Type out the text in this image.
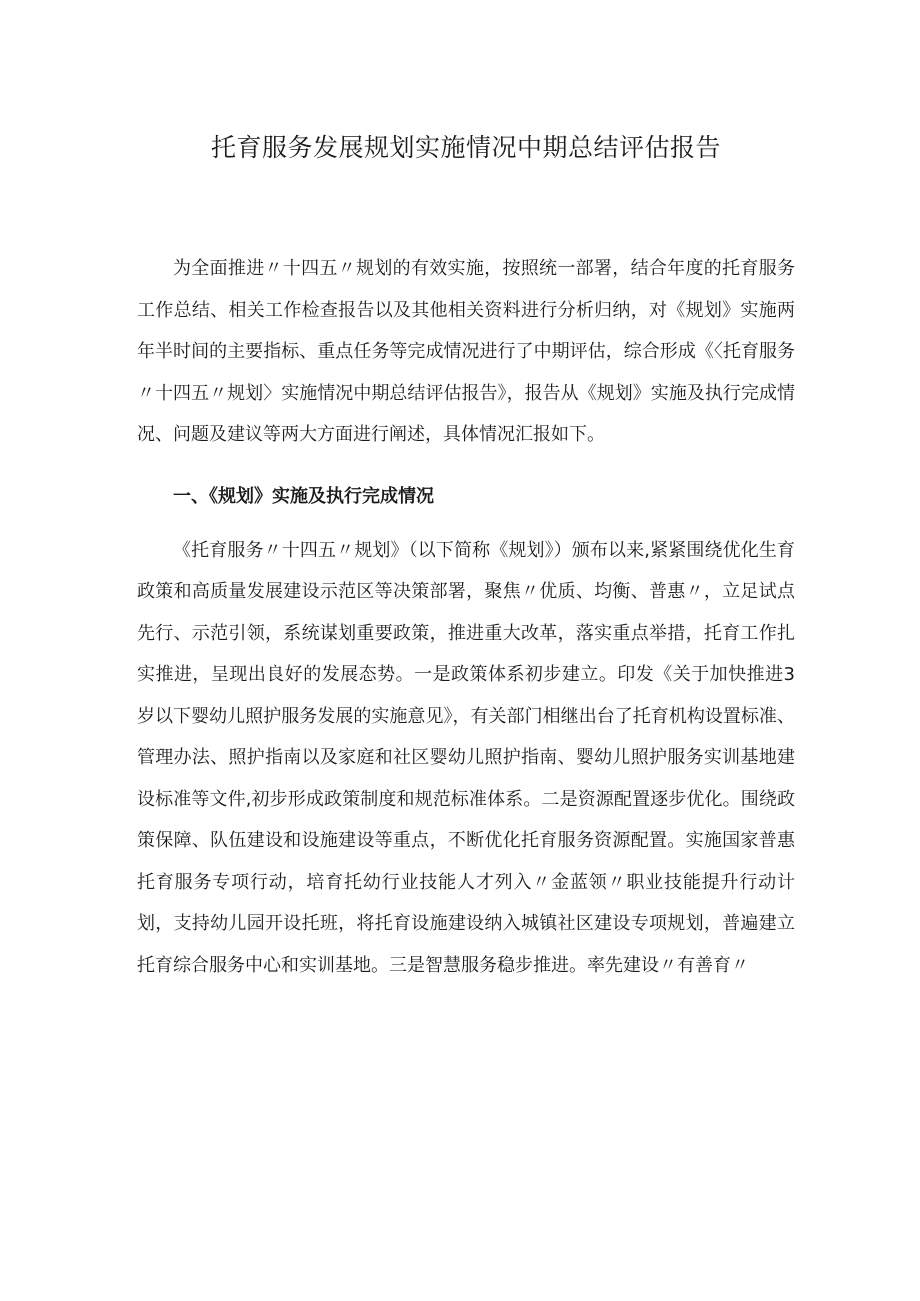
托育服务发展规划实施情况中期总结评估报告

为全面推进〃十四五〃规划的有效实施，按照统一部署，结合年度的托育服务工作总结、相关工作检查报告以及其他相关资料进行分析归纳，对《规划》实施两年半时间的主要指标、重点任务等完成情况进行了中期评估，综合形成《〈托育服务〃十四五〃规划〉实施情况中期总结评估报告》，报告从《规划》实施及执行完成情况、问题及建议等两大方面进行阐述，具体情况汇报如下。

一、《规划》实施及执行完成情况

《托育服务〃十四五〃规划》（以下简称《规划》）颁布以来,紧紧围绕优化生育政策和高质量发展建设示范区等决策部署，聚焦〃优质、均衡、普惠〃，立足试点先行、示范引领，系统谋划重要政策，推进重大改革，落实重点举措，托育工作扎实推进，呈现出良好的发展态势。一是政策体系初步建立。印发《关于加快推进3岁以下婴幼儿照护服务发展的实施意见》，有关部门相继出台了托育机构设置标准、管理办法、照护指南以及家庭和社区婴幼儿照护指南、婴幼儿照护服务实训基地建设标准等文件,初步形成政策制度和规范标准体系。二是资源配置逐步优化。围绕政策保障、队伍建设和设施建设等重点，不断优化托育服务资源配置。实施国家普惠托育服务专项行动，培育托幼行业技能人才列入〃金蓝领〃职业技能提升行动计划，支持幼儿园开设托班，将托育设施建设纳入城镇社区建设专项规划，普遍建立托育综合服务中心和实训基地。三是智慧服务稳步推进。率先建设〃有善育〃
